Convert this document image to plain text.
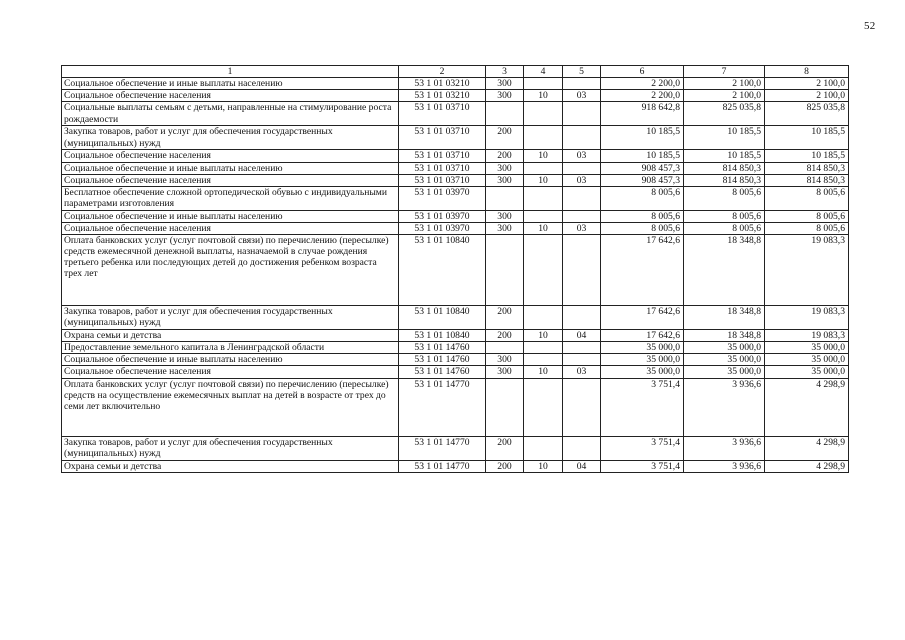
52
1	2	3	4	5	6	7	8
Социальное обеспечение и иные выплаты населению	53 1 01 03210	300			2 200,0	2 100,0	2 100,0
Социальное обеспечение населения	53 1 01 03210	300	10	03	2 200,0	2 100,0	2 100,0
Социальные выплаты семьям с детьми, направленные на стимулирование роста рождаемости	53 1 01 03710				918 642,8	825 035,8	825 035,8
Закупка товаров, работ и услуг для обеспечения государственных (муниципальных) нужд	53 1 01 03710	200			10 185,5	10 185,5	10 185,5
Социальное обеспечение населения	53 1 01 03710	200	10	03	10 185,5	10 185,5	10 185,5
Социальное обеспечение и иные выплаты населению	53 1 01 03710	300			908 457,3	814 850,3	814 850,3
Социальное обеспечение населения	53 1 01 03710	300	10	03	908 457,3	814 850,3	814 850,3
Бесплатное обеспечение сложной ортопедической обувью с индивидуальными параметрами изготовления	53 1 01 03970				8 005,6	8 005,6	8 005,6
Социальное обеспечение и иные выплаты населению	53 1 01 03970	300			8 005,6	8 005,6	8 005,6
Социальное обеспечение населения	53 1 01 03970	300	10	03	8 005,6	8 005,6	8 005,6
Оплата банковских услуг (услуг почтовой связи) по перечислению (пересылке) средств ежемесячной денежной выплаты, назначаемой в случае рождения третьего ребенка или последующих детей до достижения ребенком возраста трех лет	53 1 01 10840				17 642,6	18 348,8	19 083,3
Закупка товаров, работ и услуг для обеспечения государственных (муниципальных) нужд	53 1 01 10840	200			17 642,6	18 348,8	19 083,3
Охрана семьи и детства	53 1 01 10840	200	10	04	17 642,6	18 348,8	19 083,3
Предоставление земельного капитала в Ленинградской области	53 1 01 14760				35 000,0	35 000,0	35 000,0
Социальное обеспечение и иные выплаты населению	53 1 01 14760	300			35 000,0	35 000,0	35 000,0
Социальное обеспечение населения	53 1 01 14760	300	10	03	35 000,0	35 000,0	35 000,0
Оплата банковских услуг (услуг почтовой связи) по перечислению (пересылке) средств на осуществление ежемесячных выплат на детей в возрасте от трех до семи лет включительно	53 1 01 14770				3 751,4	3 936,6	4 298,9
Закупка товаров, работ и услуг для обеспечения государственных (муниципальных) нужд	53 1 01 14770	200			3 751,4	3 936,6	4 298,9
Охрана семьи и детства	53 1 01 14770	200	10	04	3 751,4	3 936,6	4 298,9
